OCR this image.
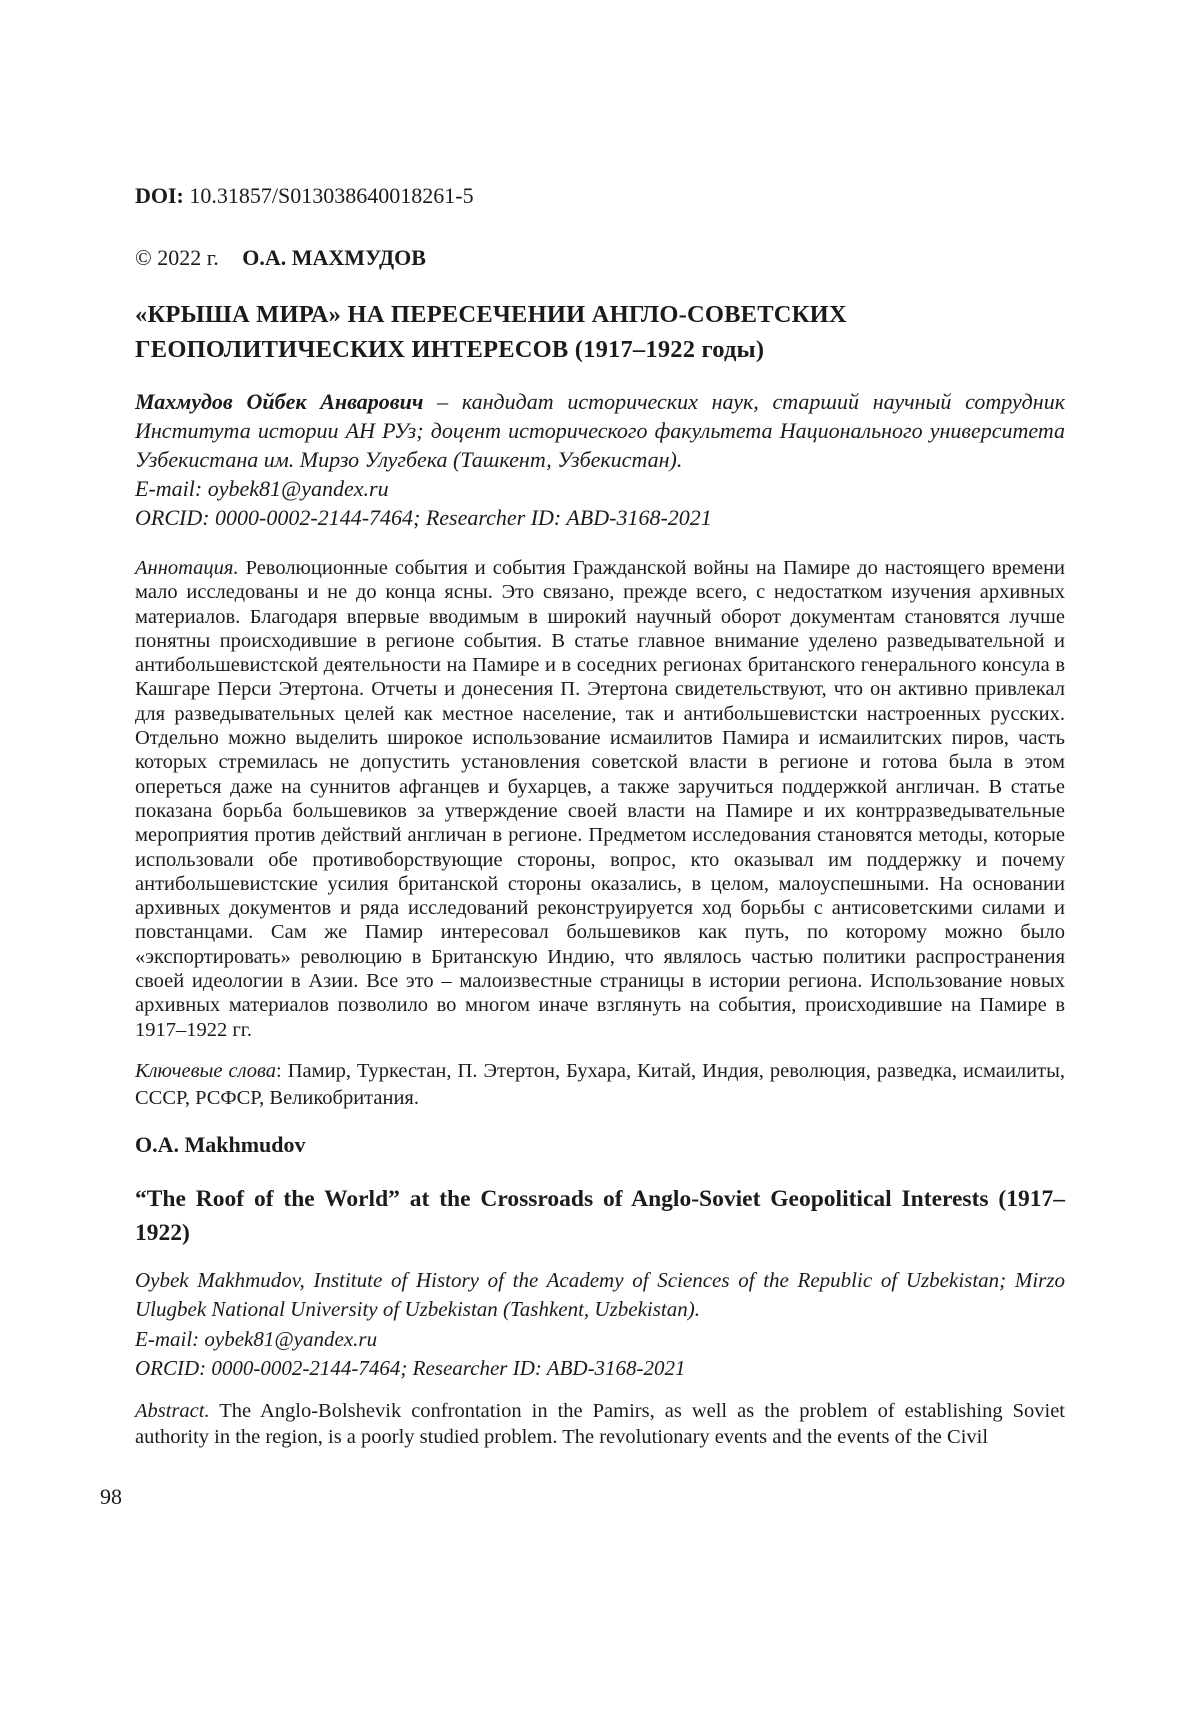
DOI: 10.31857/S013038640018261-5

© 2022 г. О.А. МАХМУДОВ

«КРЫША МИРА» НА ПЕРЕСЕЧЕНИИ АНГЛО-СОВЕТСКИХ ГЕОПОЛИТИЧЕСКИХ ИНТЕРЕСОВ (1917–1922 годы)

Махмудов Ойбек Анварович – кандидат исторических наук, старший научный сотрудник Института истории АН РУз; доцент исторического факультета Национального университета Узбекистана им. Мирзо Улугбека (Ташкент, Узбекистан).

E-mail: oybek81@yandex.ru

ORCID: 0000-0002-2144-7464; Researcher ID: ABD-3168-2021

Аннотация. Революционные события и события Гражданской войны на Памире до настоящего времени мало исследованы и не до конца ясны. Это связано, прежде всего, с недостатком изучения архивных материалов. Благодаря впервые вводимым в широкий научный оборот документам становятся лучше понятны происходившие в регионе события. В статье главное внимание уделено разведывательной и антибольшевистской деятельности на Памире и в соседних регионах британского генерального консула в Кашгаре Перси Этертона. Отчеты и донесения П. Этертона свидетельствуют, что он активно привлекал для разведывательных целей как местное население, так и антибольшевистски настроенных русских. Отдельно можно выделить широкое использование исмаилитов Памира и исмаилитских пиров, часть которых стремилась не допустить установления советской власти в регионе и готова была в этом опереться даже на суннитов афганцев и бухарцев, а также заручиться поддержкой англичан. В статье показана борьба большевиков за утверждение своей власти на Памире и их контрразведывательные мероприятия против действий англичан в регионе. Предметом исследования становятся методы, которые использовали обе противоборствующие стороны, вопрос, кто оказывал им поддержку и почему антибольшевистские усилия британской стороны оказались, в целом, малоуспешными. На основании архивных документов и ряда исследований реконструируется ход борьбы с антисоветскими силами и повстанцами. Сам же Памир интересовал большевиков как путь, по которому можно было «экспортировать» революцию в Британскую Индию, что являлось частью политики распространения своей идеологии в Азии. Все это – малоизвестные страницы в истории региона. Использование новых архивных материалов позволило во многом иначе взглянуть на события, происходившие на Памире в 1917–1922 гг.

Ключевые слова: Памир, Туркестан, П. Этертон, Бухара, Китай, Индия, революция, разведка, исмаилиты, СССР, РСФСР, Великобритания.

O.A. Makhmudov

“The Roof of the World” at the Crossroads of Anglo-Soviet Geopolitical Interests (1917–1922)

Oybek Makhmudov, Institute of History of the Academy of Sciences of the Republic of Uzbekistan; Mirzo Ulugbek National University of Uzbekistan (Tashkent, Uzbekistan).

E-mail: oybek81@yandex.ru

ORCID: 0000-0002-2144-7464; Researcher ID: ABD-3168-2021

Abstract. The Anglo-Bolshevik confrontation in the Pamirs, as well as the problem of establishing Soviet authority in the region, is a poorly studied problem. The revolutionary events and the events of the Civil

98
